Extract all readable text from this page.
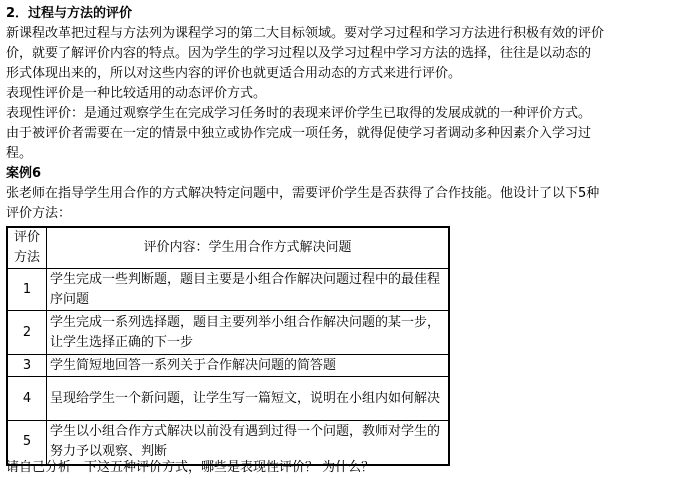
2．过程与方法的评价
新课程改革把过程与方法列为课程学习的第二大目标领域。要对学习过程和学习方法进行积极有效的评价
价，就要了解评价内容的特点。因为学生的学习过程以及学习过程中学习方法的选择，往往是以动态的
形式体现出来的，所以对这些内容的评价也就更适合用动态的方式来进行评价。
表现性评价是一种比较适用的动态评价方式。
表现性评价：是通过观察学生在完成学习任务时的表现来评价学生已取得的发展成就的一种评价方式。
由于被评价者需要在一定的情景中独立或协作完成一项任务，就得促使学习者调动多种因素介入学习过
程。
案例6
张老师在指导学生用合作的方式解决特定问题中，需要评价学生是否获得了合作技能。他设计了以下5种
评价方法：
评价方法	评价内容：学生用合作方式解决问题
1	学生完成一些判断题，题目主要是小组合作解决问题过程中的最佳程序问题
2	学生完成一系列选择题，题目主要列举小组合作解决问题的某一步，让学生选择正确的下一步
3	学生简短地回答一系列关于合作解决问题的简答题
4	呈现给学生一个新问题，让学生写一篇短文，说明在小组内如何解决
5	学生以小组合作方式解决以前没有遇到过得一个问题，教师对学生的努力予以观察、判断
请自己分析一下这五种评价方式，哪些是表现性评价？ 为什么？
